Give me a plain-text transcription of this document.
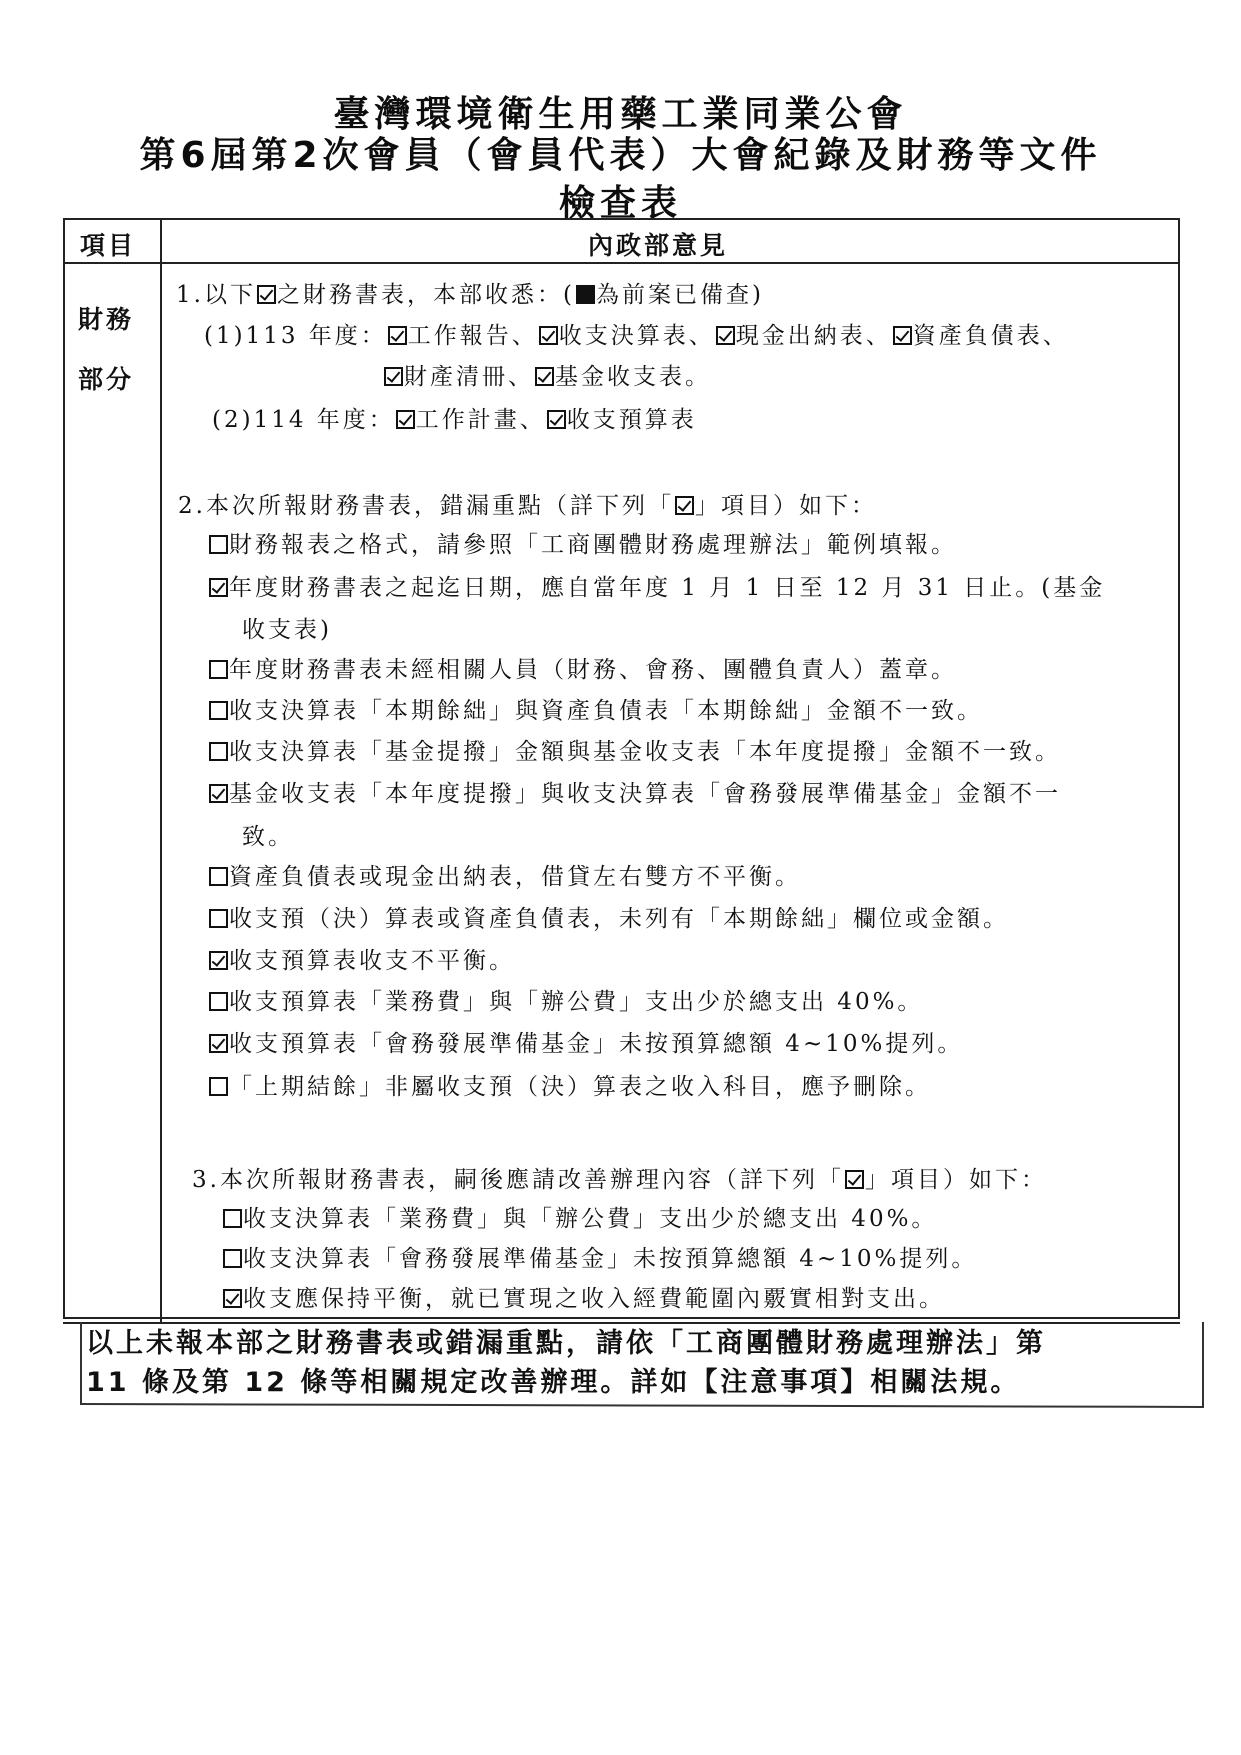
臺灣環境衛生用藥工業同業公會
第6屆第2次會員（會員代表）大會紀錄及財務等文件
檢查表
項目	內政部意見
財務
部分
1.以下 之財務書表，本部收悉：( 為前案已備查)
(1)113 年度： 工作報告、 收支決算表、 現金出納表、 資產負債表、
財產清冊、 基金收支表。
(2)114 年度： 工作計畫、 收支預算表
2.本次所報財務書表，錯漏重點（詳下列「 」項目）如下：
財務報表之格式，請參照「工商團體財務處理辦法」範例填報。
年度財務書表之起迄日期，應自當年度 1 月 1 日至 12 月 31 日止。(基金
收支表)
年度財務書表未經相關人員（財務、會務、團體負責人）蓋章。
收支決算表「本期餘絀」與資產負債表「本期餘絀」金額不一致。
收支決算表「基金提撥」金額與基金收支表「本年度提撥」金額不一致。
基金收支表「本年度提撥」與收支決算表「會務發展準備基金」金額不一
致。
資產負債表或現金出納表，借貸左右雙方不平衡。
收支預（決）算表或資產負債表，未列有「本期餘絀」欄位或金額。
收支預算表收支不平衡。
收支預算表「業務費」與「辦公費」支出少於總支出 40%。
收支預算表「會務發展準備基金」未按預算總額 4~10%提列。
「上期結餘」非屬收支預（決）算表之收入科目，應予刪除。
3.本次所報財務書表，嗣後應請改善辦理內容（詳下列「 」項目）如下：
收支決算表「業務費」與「辦公費」支出少於總支出 40%。
收支決算表「會務發展準備基金」未按預算總額 4~10%提列。
收支應保持平衡，就已實現之收入經費範圍內覈實相對支出。
以上未報本部之財務書表或錯漏重點，請依「工商團體財務處理辦法」第
11 條及第 12 條等相關規定改善辦理。詳如【注意事項】相關法規。
